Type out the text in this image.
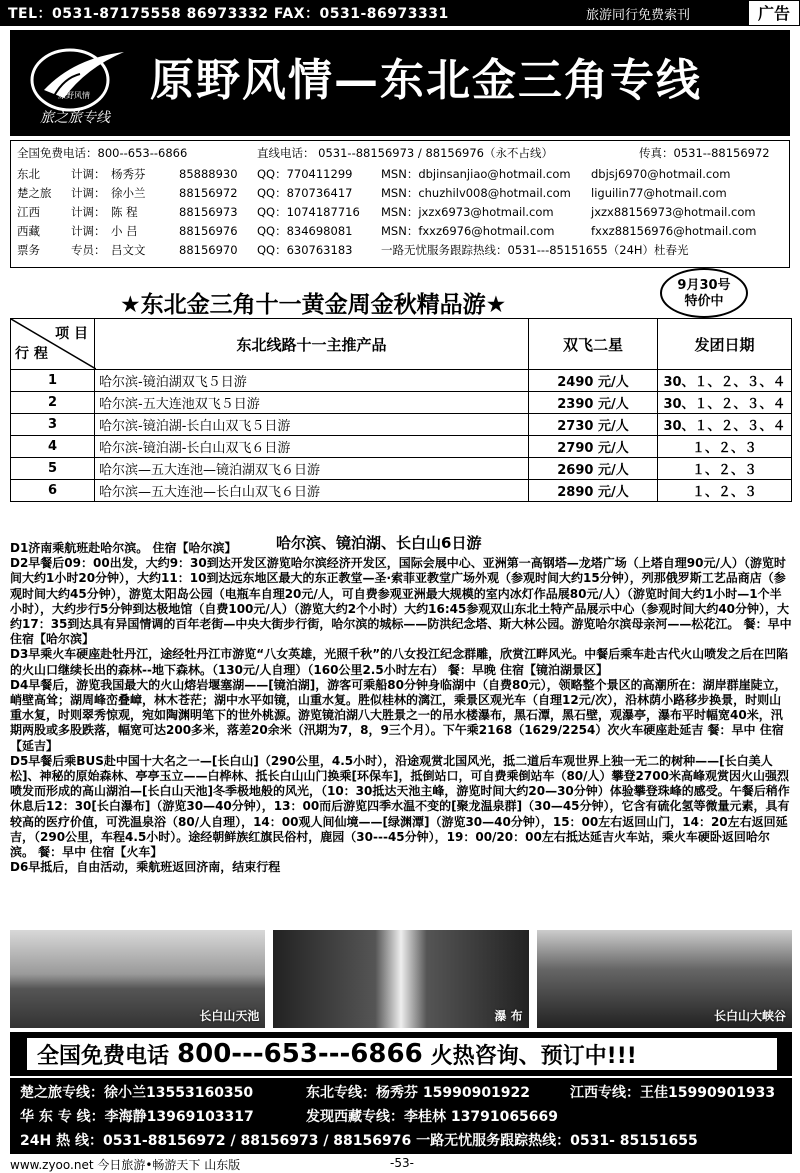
TEL：0531-87175558 86973332 FAX：0531-86973331	旅游同行免费索刊	广告
旅之旅专线
原野风情 原野风情—东北金三角专线
全国免费电话：800--653--6866	直线电话： 0531--88156973 / 88156976（永不占线）	传真：0531--88156972
东北	计调： 杨秀芬	85888930 QQ：770411299 MSN：dbjinsanjiao@hotmail.com dbjsj6970@hotmail.com
楚之旅 计调： 徐小兰	88156972 QQ：870736417 MSN：chuzhilv008@hotmail.com liguilin77@hotmail.com
江西	计调： 陈 程	88156973 QQ：1074187716 MSN：jxzx6973@hotmail.com	jxzx88156973@hotmail.com
西藏	计调： 小 吕	88156976 QQ：834698081 MSN：fxxz6976@hotmail.com	fxxz88156976@hotmail.com
票务	专员： 吕文文	88156970 QQ：630763183 一路无忧服务跟踪热线：0531---85151655（24H）杜春光
★东北金三角十一黄金周金秋精品游★
9月30号
特价中
项 目
行 程	东北线路十一主推产品	双飞二星	发团日期
1	哈尔滨-镜泊湖双飞５日游	2490 元/人	30、１、２、３、４
2	哈尔滨-五大连池双飞５日游	2390 元/人	30、１、２、３、４
3	哈尔滨-镜泊湖-长白山双飞５日游	2730 元/人	30、１、２、３、４
4	哈尔滨-镜泊湖-长白山双飞６日游	2790 元/人	１、２、３
5	哈尔滨—五大连池—镜泊湖双飞６日游	2690 元/人	１、２、３
6	哈尔滨—五大连池—长白山双飞６日游	2890 元/人	１、２、３

D1济南乘航班赴哈尔滨。 住宿【哈尔滨】

D2早餐后09：00出发，大约9：30到达开发区游览哈尔滨经济开发区，国际会展中心、亚洲第一高钢塔—龙塔广场（上塔自理90元/人）（游览时间大约1小时20分钟），大约11：10到达远东地区最大的东正教堂—圣·索菲亚教堂广场外观（参观时间大约15分钟），列那俄罗斯工艺品商店（参观时间大约45分钟），游览太阳岛公园（电瓶车自理20元/人，可自费参观亚洲最大规模的室内冰灯作品展80元/人）（游览时间大约1小时—1个半小时），大约步行5分钟到达极地馆（自费100元/人）（游览大约2个小时）大约16:45参观双山东北土特产品展示中心（参观时间大约40分钟），大约17：35到达具有异国情调的百年老街—中央大街步行街，哈尔滨的城标——防洪纪念塔、斯大林公园。游览哈尔滨母亲河——松花江。 餐：早中住宿【哈尔滨】

D3早乘火车硬座赴牡丹江，途经牡丹江市游览“八女英雄，光照千秋”的八女投江纪念群雕，欣赏江畔风光。中餐后乘车赴古代火山喷发之后在凹陷的火山口继续长出的森林--地下森林。（130元/人自理）（160公里2.5小时左右） 餐：早晚 住宿【镜泊湖景区】

D4早餐后，游览我国最大的火山熔岩堰塞湖——[镜泊湖]，游客可乘船80分钟身临湖中（自费80元），领略整个景区的高潮所在：湖岸群崖陡立，峭壁高耸；湖周峰峦叠嶂，林木苍茫；湖中水平如镜，山重水复。胜似桂林的漓江，乘景区观光车（自理12元/次），沿林荫小路移步换景，时则山重水复，时则翠秀惊观，宛如陶渊明笔下的世外桃源。游览镜泊湖八大胜景之一的吊水楼瀑布，黑石潭，黑石壁，观瀑亭，瀑布平时幅宽40米，汛期两股或多股跌落，幅宽可达200多米，落差20余米（汛期为7，8，9三个月）。下午乘2168（1629/2254）次火车硬座赴延吉 餐：早中 住宿【延吉】

D5早餐后乘BUS赴中国十大名之一—[长白山]（290公里，4.5小时），沿途观赏北国风光，抵二道后车观世界上独一无二的树种——[长白美人松]、神秘的原始森林、亭亭玉立——白桦林、抵长白山山门换乘[环保车]，抵倒站口，可自费乘倒站车（80/人）攀登2700米高峰观赏因火山强烈喷发而形成的高山湖泊—[长白山天池]冬季极地般的风光，（10：30抵达天池主峰，游览时间大约20—30分钟）体验攀登珠峰的感受。午餐后稍作休息后12：30[长白瀑布]（游览30—40分钟），13：00而后游览四季水温不变的[聚龙温泉群]（30—45分钟），它含有硫化氢等微量元素，具有较高的医疗价值，可洗温泉浴（80/人自理），14：00观人间仙境——[绿渊潭]（游览30—40分钟），15：00左右返回山门，14：20左右返回延吉，（290公里，车程4.5小时）。途经朝鲜族红旗民俗村，鹿园（30---45分钟），19：00/20：00左右抵达延吉火车站，乘火车硬卧返回哈尔滨。 餐：早中 住宿【火车】

D6早抵后，自由活动，乘航班返回济南，结束行程

哈尔滨、镜泊湖、长白山6日游
长白山天池	瀑 布	长白山大峡谷
全国免费电话 800---653---6866 火热咨询、预订中!!!
楚之旅专线：徐小兰13553160350	东北专线：杨秀芬 15990901922	江西专线：王佳15990901933
华 东 专 线：李海静13969103317	发现西藏专线：李桂林 13791065669
24H 热 线：0531-88156972 / 88156973 / 88156976 一路无忧服务跟踪热线：0531- 85151655
www.zyoo.net 今日旅游•畅游天下 山东版	-53-
